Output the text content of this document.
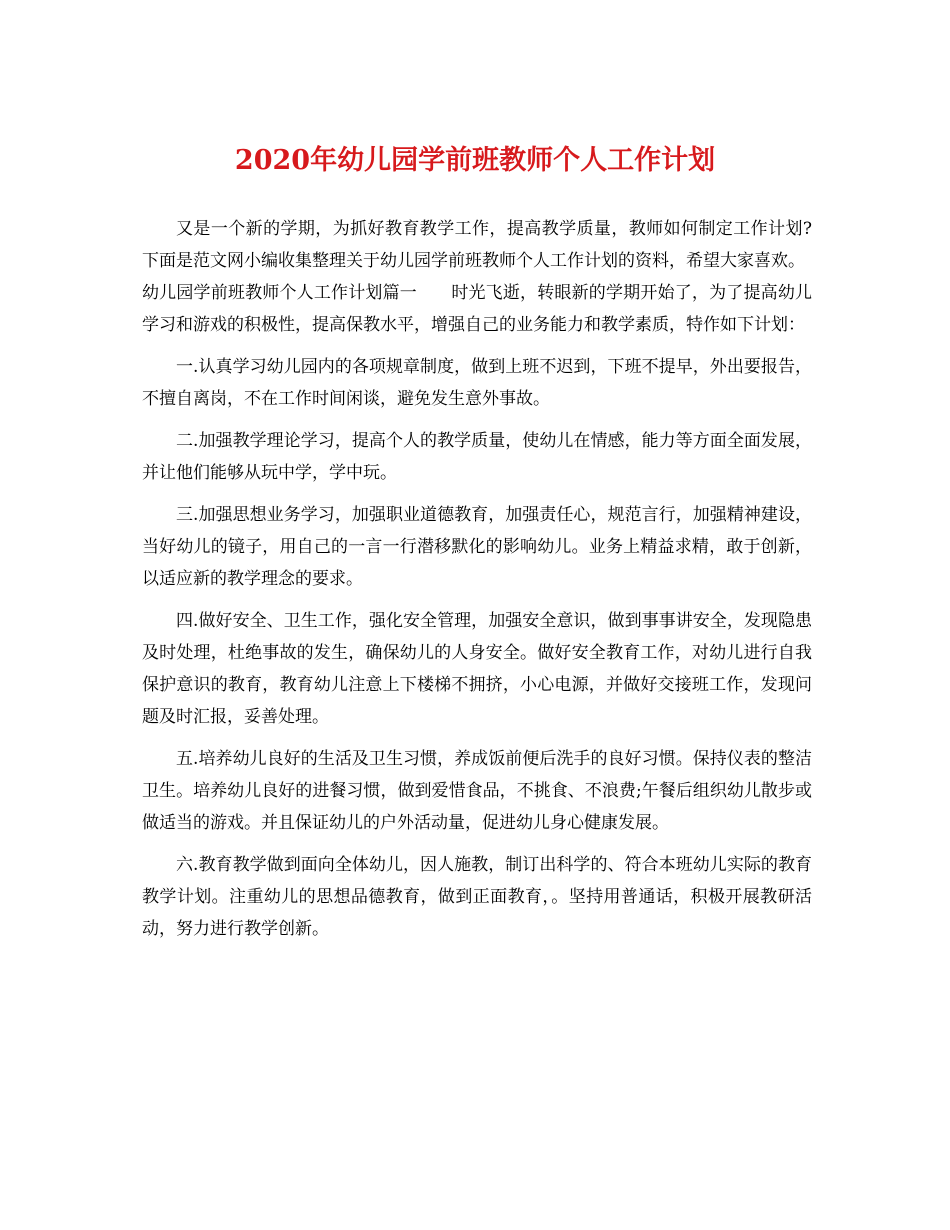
2020年幼儿园学前班教师个人工作计划

又是一个新的学期，为抓好教育教学工作，提高教学质量，教师如何制定工作计划?下面是范文网小编收集整理关于幼儿园学前班教师个人工作计划的资料，希望大家喜欢。

幼儿园学前班教师个人工作计划篇一　　时光飞逝，转眼新的学期开始了，为了提高幼儿学习和游戏的积极性，提高保教水平，增强自己的业务能力和教学素质，特作如下计划：

一.认真学习幼儿园内的各项规章制度，做到上班不迟到，下班不提早，外出要报告，不擅自离岗，不在工作时间闲谈，避免发生意外事故。

二.加强教学理论学习，提高个人的教学质量，使幼儿在情感，能力等方面全面发展，并让他们能够从玩中学，学中玩。

三.加强思想业务学习，加强职业道德教育，加强责任心，规范言行，加强精神建设，当好幼儿的镜子，用自己的一言一行潜移默化的影响幼儿。业务上精益求精，敢于创新，以适应新的教学理念的要求。

四.做好安全、卫生工作，强化安全管理，加强安全意识，做到事事讲安全，发现隐患及时处理，杜绝事故的发生，确保幼儿的人身安全。做好安全教育工作，对幼儿进行自我保护意识的教育，教育幼儿注意上下楼梯不拥挤，小心电源，并做好交接班工作，发现问题及时汇报，妥善处理。

五.培养幼儿良好的生活及卫生习惯，养成饭前便后洗手的良好习惯。保持仪表的整洁卫生。培养幼儿良好的进餐习惯，做到爱惜食品，不挑食、不浪费;午餐后组织幼儿散步或做适当的游戏。并且保证幼儿的户外活动量，促进幼儿身心健康发展。

六.教育教学做到面向全体幼儿，因人施教，制订出科学的、符合本班幼儿实际的教育教学计划。注重幼儿的思想品德教育，做到正面教育，。坚持用普通话，积极开展教研活动，努力进行教学创新。
